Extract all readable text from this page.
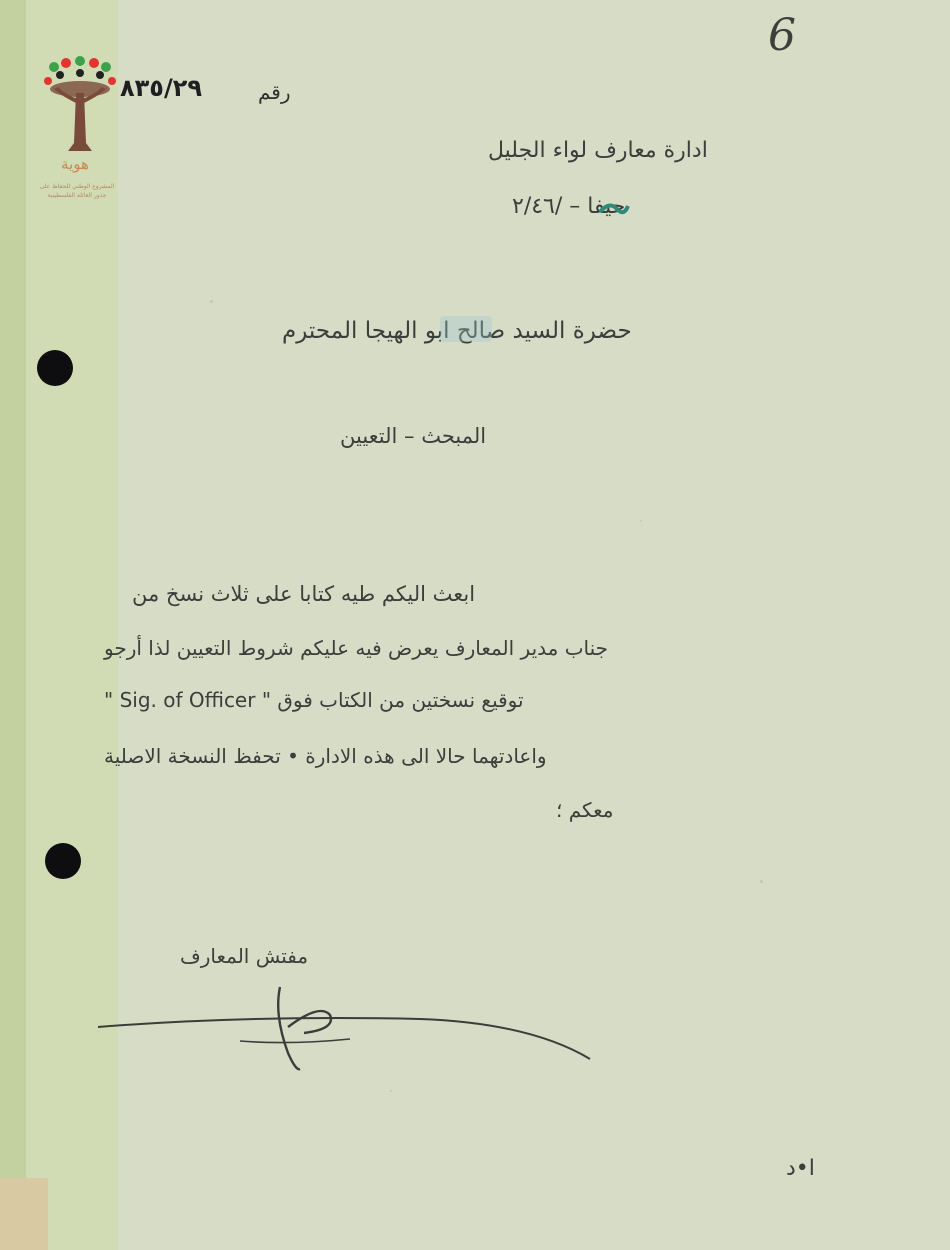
هوية
المشروع الوطني للحفاظ على
جذور العائلة الفلسطينية
6
٨٣٥/٢٩	رقم
ادارة معارف لواء الجليل
حيفا – /٢/٤٦
حضرة السيد صالح ابو الهيجا المحترم
المبحث – التعيين
ابعث اليكم طيه كتابا على ثلاث نسخ من
جناب مدير المعارف يعرض فيه عليكم شروط التعيين لذا أرجو
توقيع نسختين من الكتاب فوق " Sig. of Officer "
واعادتهما حالا الى هذه الادارة • تحفظ النسخة الاصلية
معكم ؛
مفتش المعارف
ا•د
